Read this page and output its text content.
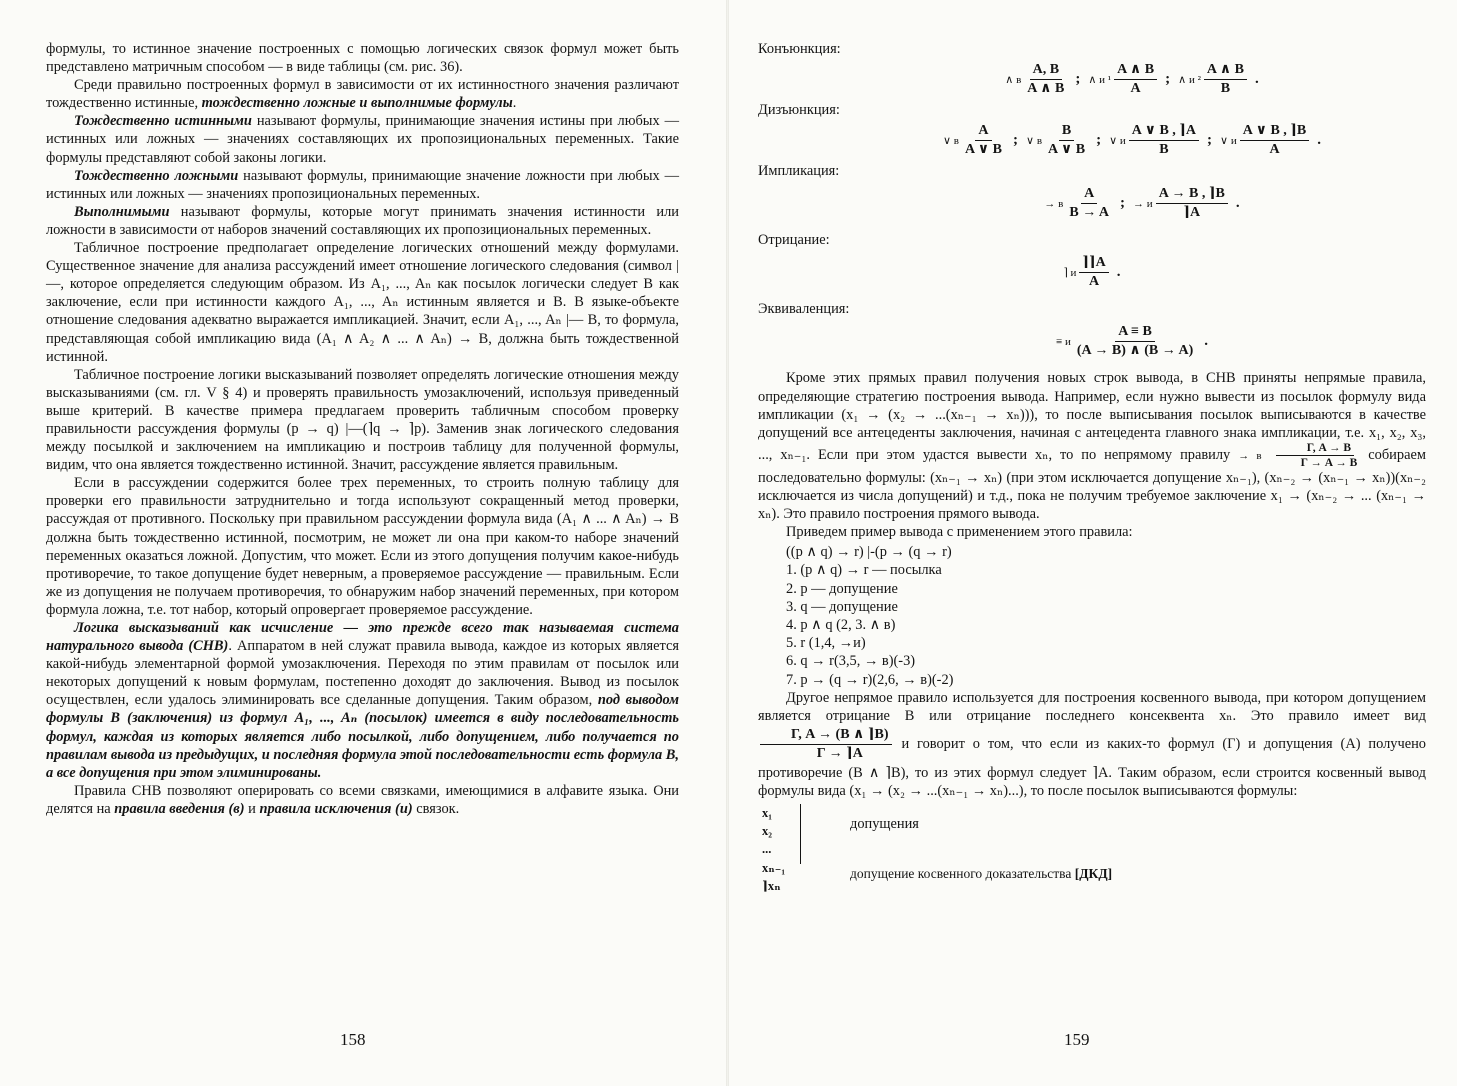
формулы, то истинное значение построенных с помощью логических связок формул может быть представлено матричным способом — в виде таблицы (см. рис. 36).

Среди правильно построенных формул в зависимости от их истинностного значения различают тождественно истинные, тождественно ложные и выполнимые формулы.

Тождественно истинными называют формулы, принимающие значения истины при любых — истинных или ложных — значениях составляющих их пропозициональных переменных. Такие формулы представляют собой законы логики.

Тождественно ложными называют формулы, принимающие значение ложности при любых — истинных или ложных — значениях пропозициональных переменных.

Выполнимыми называют формулы, которые могут принимать значения истинности или ложности в зависимости от наборов значений составляющих их пропозициональных переменных.

Табличное построение предполагает определение логических отношений между формулами. Существенное значение для анализа рассуждений имеет отношение логического следования (символ |—, которое определяется следующим образом. Из A₁, ..., Aₙ как посылок логически следует B как заключение, если при истинности каждого A₁, ..., Aₙ истинным является и B. В языке-объекте отношение следования адекватно выражается импликацией. Значит, если A₁, ..., Aₙ |— B, то формула, представляющая собой импликацию вида (A₁ ∧ A₂ ∧ ... ∧ Aₙ) → B, должна быть тождественной истинной.

Табличное построение логики высказываний позволяет определять логические отношения между высказываниями (см. гл. V § 4) и проверять правильность умозаключений, используя приведенный выше критерий. В качестве примера предлагаем проверить табличным способом проверку правильности рассуждения формулы (p → q) |—(⌉q → ⌉p). Заменив знак логического следования между посылкой и заключением на импликацию и построив таблицу для полученной формулы, видим, что она является тождественно истинной. Значит, рассуждение является правильным.

Если в рассуждении содержится более трех переменных, то строить полную таблицу для проверки его правильности затруднительно и тогда используют сокращенный метод проверки, рассуждая от противного. Поскольку при правильном рассуждении формула вида (A₁ ∧ ... ∧ Aₙ) → B должна быть тождественно истинной, посмотрим, не может ли она при каком-то наборе значений переменных оказаться ложной. Допустим, что может. Если из этого допущения получим какое-нибудь противоречие, то такое допущение будет неверным, а проверяемое рассуждение — правильным. Если же из допущения не получаем противоречия, то обнаружим набор значений переменных, при котором формула ложна, т.е. тот набор, который опровергает проверяемое рассуждение.

Логика высказываний как исчисление — это прежде всего так называемая система натурального вывода (СНВ). Аппаратом в ней служат правила вывода, каждое из которых является какой-нибудь элементарной формой умозаключения. Переходя по этим правилам от посылок или некоторых допущений к новым формулам, постепенно доходят до заключения. Вывод из посылок осуществлен, если удалось элиминировать все сделанные допущения. Таким образом, под выводом формулы B (заключения) из формул A₁, ..., Aₙ (посылок) имеется в виду последовательность формул, каждая из которых является либо посылкой, либо допущением, либо получается по правилам вывода из предыдущих, и последняя формула этой последовательности есть формула B, а все допущения при этом элиминированы.

Правила СНВ позволяют оперировать со всеми связками, имеющимися в алфавите языка. Они делятся на правила введения (в) и правила исключения (и) связок.

158

Конъюнкция:

∧ в $\frac{A, B}{A \wedge B}$ ; ∧ и $^1 \frac{A \wedge B}{A}$ ; ∧ и $^2 \frac{A \wedge B}{B}$ .

Дизъюнкция:

∨ в $\frac{A}{A \vee B}$ ; ∨ в $\frac{B}{A \vee B}$ ; ∨ и $\frac{A \vee B , ⌉A}{B}$ ; ∨ и $\frac{A \vee B , ⌉B}{A}$ .

Импликация:

→ в $\frac{A}{B \to A}$ ; → и $\frac{A \to B , ⌉B}{⌉A}$ .

Отрицание:

⌉ и $\frac{⌉⌉A}{A}$ .

Эквиваленция:

≡ и $\frac{A \equiv B}{(A \to B) \wedge (B \to A)}$ .

Кроме этих прямых правил получения новых строк вывода, в СНВ приняты непрямые правила, определяющие стратегию построения вывода. Например, если нужно вывести из посылок формулу вида импликации (x₁ → (x₂ → ...(xₙ₋₁ → xₙ))), то после выписывания посылок выписываются в качестве допущений все антецеденты заключения, начиная с антецедента главного знака импликации, т.е. x₁, x₂, x₃, ..., xₙ₋₁. Если при этом удастся вывести xₙ, то по непрямому правилу → в $\frac{\Gamma, A \to B}{\Gamma \to A \to B}$ собираем последовательно формулы: (xₙ₋₁ → xₙ) (при этом исключается допущение xₙ₋₁), (xₙ₋₂ → (xₙ₋₁ → xₙ))(xₙ₋₂ исключается из числа допущений) и т.д., пока не получим требуемое заключение x₁ → (xₙ₋₂ → ... (xₙ₋₁ → xₙ). Это правило построения прямого вывода.

Приведем пример вывода с применением этого правила:

((p ∧ q) → r) |-(p → (q → r)
1. (p ∧ q) → r — посылка
2. p — допущение
3. q — допущение
4. p ∧ q (2, 3. ∧ в)
5. r (1,4, →и)
6. q → r(3,5, → в)(-3)
7. p → (q → r)(2,6, → в)(-2)

Другое непрямое правило используется для построения косвенного вывода, при котором допущением является отрицание B или отрицание последнего консеквента xₙ. Это правило имеет вид
$\frac{\Gamma, A \to (B \wedge ⌉B)}{\Gamma \to ⌉A}$ и говорит о том, что если из каких-то формул (Γ) и допущения (A) получено противоречие (B ∧ ⌉B), то из этих формул следует ⌉A. Таким образом, если строится косвенный вывод формулы вида (x₁ → (x₂ → ...(xₙ₋₁ → xₙ)...), то после посылок выписываются формулы:

допущения
допущение косвенного доказательства [ДКД]
x₁
x₂
...
xₙ₋₁
⌉xₙ
159
